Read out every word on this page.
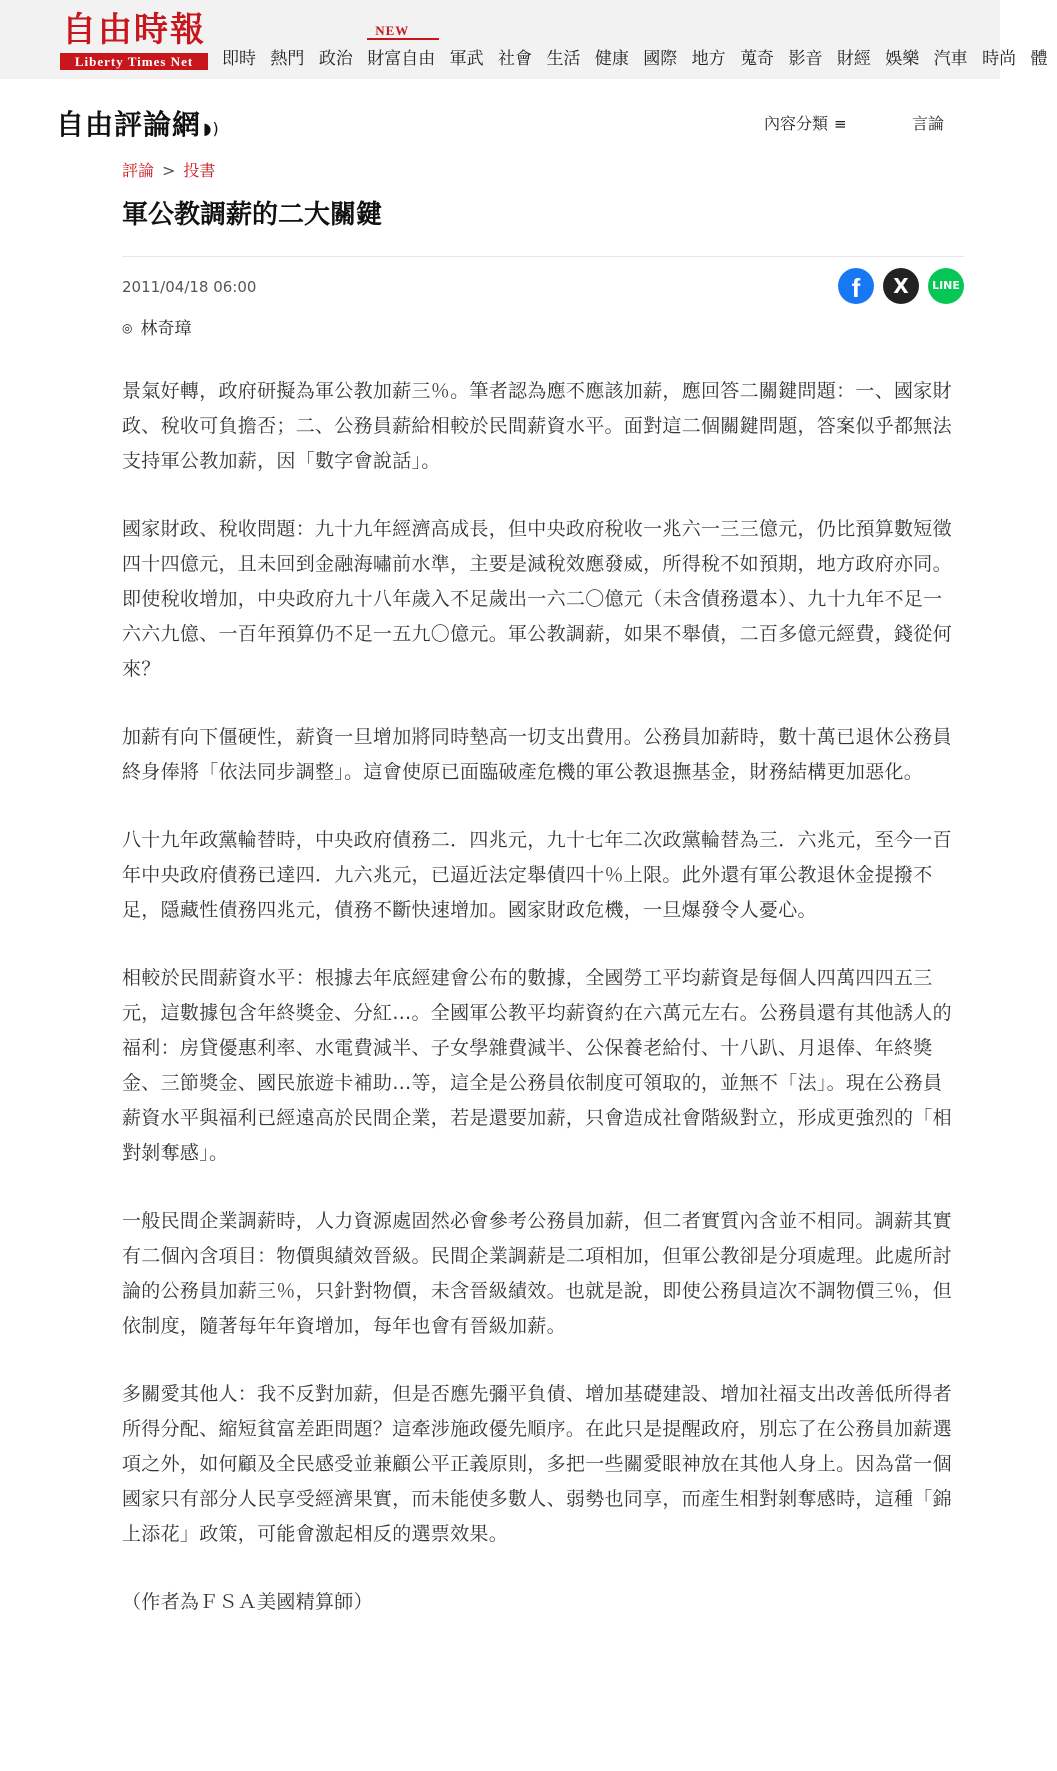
自由時報
Liberty Times Net	即時 熱門 政治
NEW
財富自由 軍武 社會 生活 健康 國際 地方 蒐奇 影音 財經 娛樂 汽車 時尚 體
自由評論網 ◗)	內容分類 ≡	言論
評論 > 投書
軍公教調薪的二大關鍵
2011/04/18 06:00	f	X	LINE
◎ 林奇璋

景氣好轉，政府研擬為軍公教加薪三％。筆者認為應不應該加薪，應回答二關鍵問題：一、國家財政、稅收可負擔否；二、公務員薪給相較於民間薪資水平。面對這二個關鍵問題，答案似乎都無法支持軍公教加薪，因「數字會說話」。

國家財政、稅收問題：九十九年經濟高成長，但中央政府稅收一兆六一三三億元，仍比預算數短徵四十四億元，且未回到金融海嘯前水準，主要是減稅效應發威，所得稅不如預期，地方政府亦同。即使稅收增加，中央政府九十八年歲入不足歲出一六二〇億元（未含債務還本）、九十九年不足一六六九億、一百年預算仍不足一五九〇億元。軍公教調薪，如果不舉債，二百多億元經費，錢從何來？

加薪有向下僵硬性，薪資一旦增加將同時墊高一切支出費用。公務員加薪時，數十萬已退休公務員終身俸將「依法同步調整」。這會使原已面臨破產危機的軍公教退撫基金，財務結構更加惡化。

八十九年政黨輪替時，中央政府債務二．四兆元，九十七年二次政黨輪替為三．六兆元，至今一百年中央政府債務已達四．九六兆元，已逼近法定舉債四十％上限。此外還有軍公教退休金提撥不足，隱藏性債務四兆元，債務不斷快速增加。國家財政危機，一旦爆發令人憂心。

相較於民間薪資水平：根據去年底經建會公布的數據，全國勞工平均薪資是每個人四萬四四五三元，這數據包含年終獎金、分紅…。全國軍公教平均薪資約在六萬元左右。公務員還有其他誘人的福利：房貸優惠利率、水電費減半、子女學雜費減半、公保養老給付、十八趴、月退俸、年終獎金、三節獎金、國民旅遊卡補助…等，這全是公務員依制度可領取的，並無不「法」。現在公務員薪資水平與福利已經遠高於民間企業，若是還要加薪，只會造成社會階級對立，形成更強烈的「相對剝奪感」。

一般民間企業調薪時，人力資源處固然必會參考公務員加薪，但二者實質內含並不相同。調薪其實有二個內含項目：物價與績效晉級。民間企業調薪是二項相加，但軍公教卻是分項處理。此處所討論的公務員加薪三％，只針對物價，未含晉級績效。也就是說，即使公務員這次不調物價三％，但依制度，隨著每年年資增加，每年也會有晉級加薪。

多關愛其他人：我不反對加薪，但是否應先彌平負債、增加基礎建設、增加社福支出改善低所得者所得分配、縮短貧富差距問題？這牽涉施政優先順序。在此只是提醒政府，別忘了在公務員加薪選項之外，如何顧及全民感受並兼顧公平正義原則，多把一些關愛眼神放在其他人身上。因為當一個國家只有部分人民享受經濟果實，而未能使多數人、弱勢也同享，而產生相對剝奪感時，這種「錦上添花」政策，可能會激起相反的選票效果。

（作者為ＦＳＡ美國精算師）
